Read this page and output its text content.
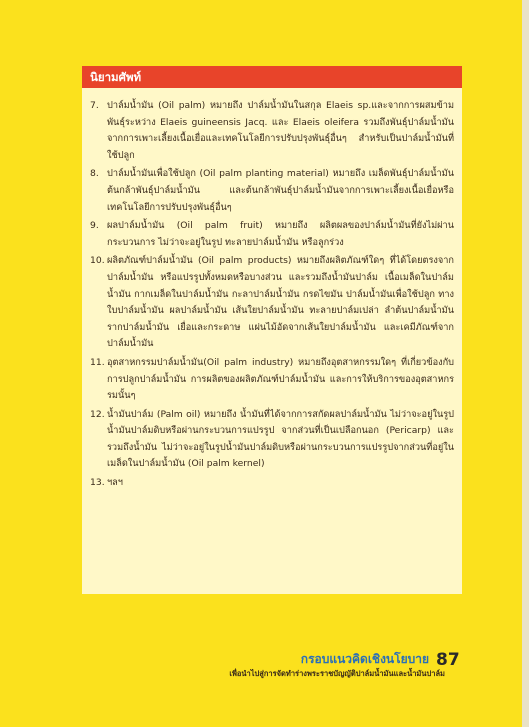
นิยามศัพท์
7. ปาล์มน้ำมัน (Oil palm) หมายถึง ปาล์มน้ำมันในสกุล Elaeis sp.และจากการผสมข้ามพันธุ์ระหว่าง Elaeis guineensis Jacq. และ Elaeis oleifera รวมถึงพันธุ์ปาล์มน้ำมันจากการเพาะเลี้ยงเนื้อเยื่อและเทคโนโลยีการปรับปรุงพันธุ์อื่นๆ สำหรับเป็นปาล์มน้ำมันที่ใช้ปลูก
8. ปาล์มน้ำมันเพื่อใช้ปลูก (Oil palm planting material) หมายถึง เมล็ดพันธุ์ปาล์มน้ำมัน ต้นกล้าพันธุ์ปาล์มน้ำมัน และต้นกล้าพันธุ์ปาล์มน้ำมันจากการเพาะเลี้ยงเนื้อเยื่อหรือเทคโนโลยีการปรับปรุงพันธุ์อื่นๆ
9. ผลปาล์มน้ำมัน (Oil palm fruit) หมายถึง ผลิตผลของปาล์มน้ำมันที่ยังไม่ผ่านกระบวนการ ไม่ว่าจะอยู่ในรูป ทะลายปาล์มน้ำมัน หรือลูกร่วง
10. ผลิตภัณฑ์ปาล์มน้ำมัน (Oil palm products) หมายถึงผลิตภัณฑ์ใดๆ ที่ได้โดยตรงจากปาล์มน้ำมัน หรือแปรรูปทั้งหมดหรือบางส่วน และรวมถึงน้ำมันปาล์ม เนื้อเมล็ดในปาล์มน้ำมัน กากเมล็ดในปาล์มน้ำมัน กะลาปาล์มน้ำมัน กรดไขมัน ปาล์มน้ำมันเพื่อใช้ปลูก ทางใบปาล์มน้ำมัน ผลปาล์มน้ำมัน เส้นใยปาล์มน้ำมัน ทะลายปาล์มเปล่า ลำต้นปาล์มน้ำมัน รากปาล์มน้ำมัน เยื่อและกระดาษ แผ่นไม้อัดจากเส้นใยปาล์มน้ำมัน และเคมีภัณฑ์จากปาล์มน้ำมัน
11. อุตสาหกรรมปาล์มน้ำมัน(Oil palm industry) หมายถึงอุตสาหกรรมใดๆ ที่เกี่ยวข้องกับการปลูกปาล์มน้ำมัน การผลิตของผลิตภัณฑ์ปาล์มน้ำมัน และการให้บริการของอุตสาหกรรมนั้นๆ
12. น้ำมันปาล์ม (Palm oil) หมายถึง น้ำมันที่ได้จากการสกัดผลปาล์มน้ำมัน ไม่ว่าจะอยู่ในรูปน้ำมันปาล์มดิบหรือผ่านกระบวนการแปรรูป จากส่วนที่เป็นเปลือกนอก (Pericarp) และรวมถึงน้ำมัน ไม่ว่าจะอยู่ในรูปน้ำมันปาล์มดิบหรือผ่านกระบวนการแปรรูปจากส่วนที่อยู่ในเมล็ดในปาล์มน้ำมัน (Oil palm kernel)
13. ฯลฯ
กรอบแนวคิดเชิงนโยบาย
เพื่อนำไปสู่การจัดทำร่างพระราชบัญญัติปาล์มน้ำมันและน้ำมันปาล์ม
87
